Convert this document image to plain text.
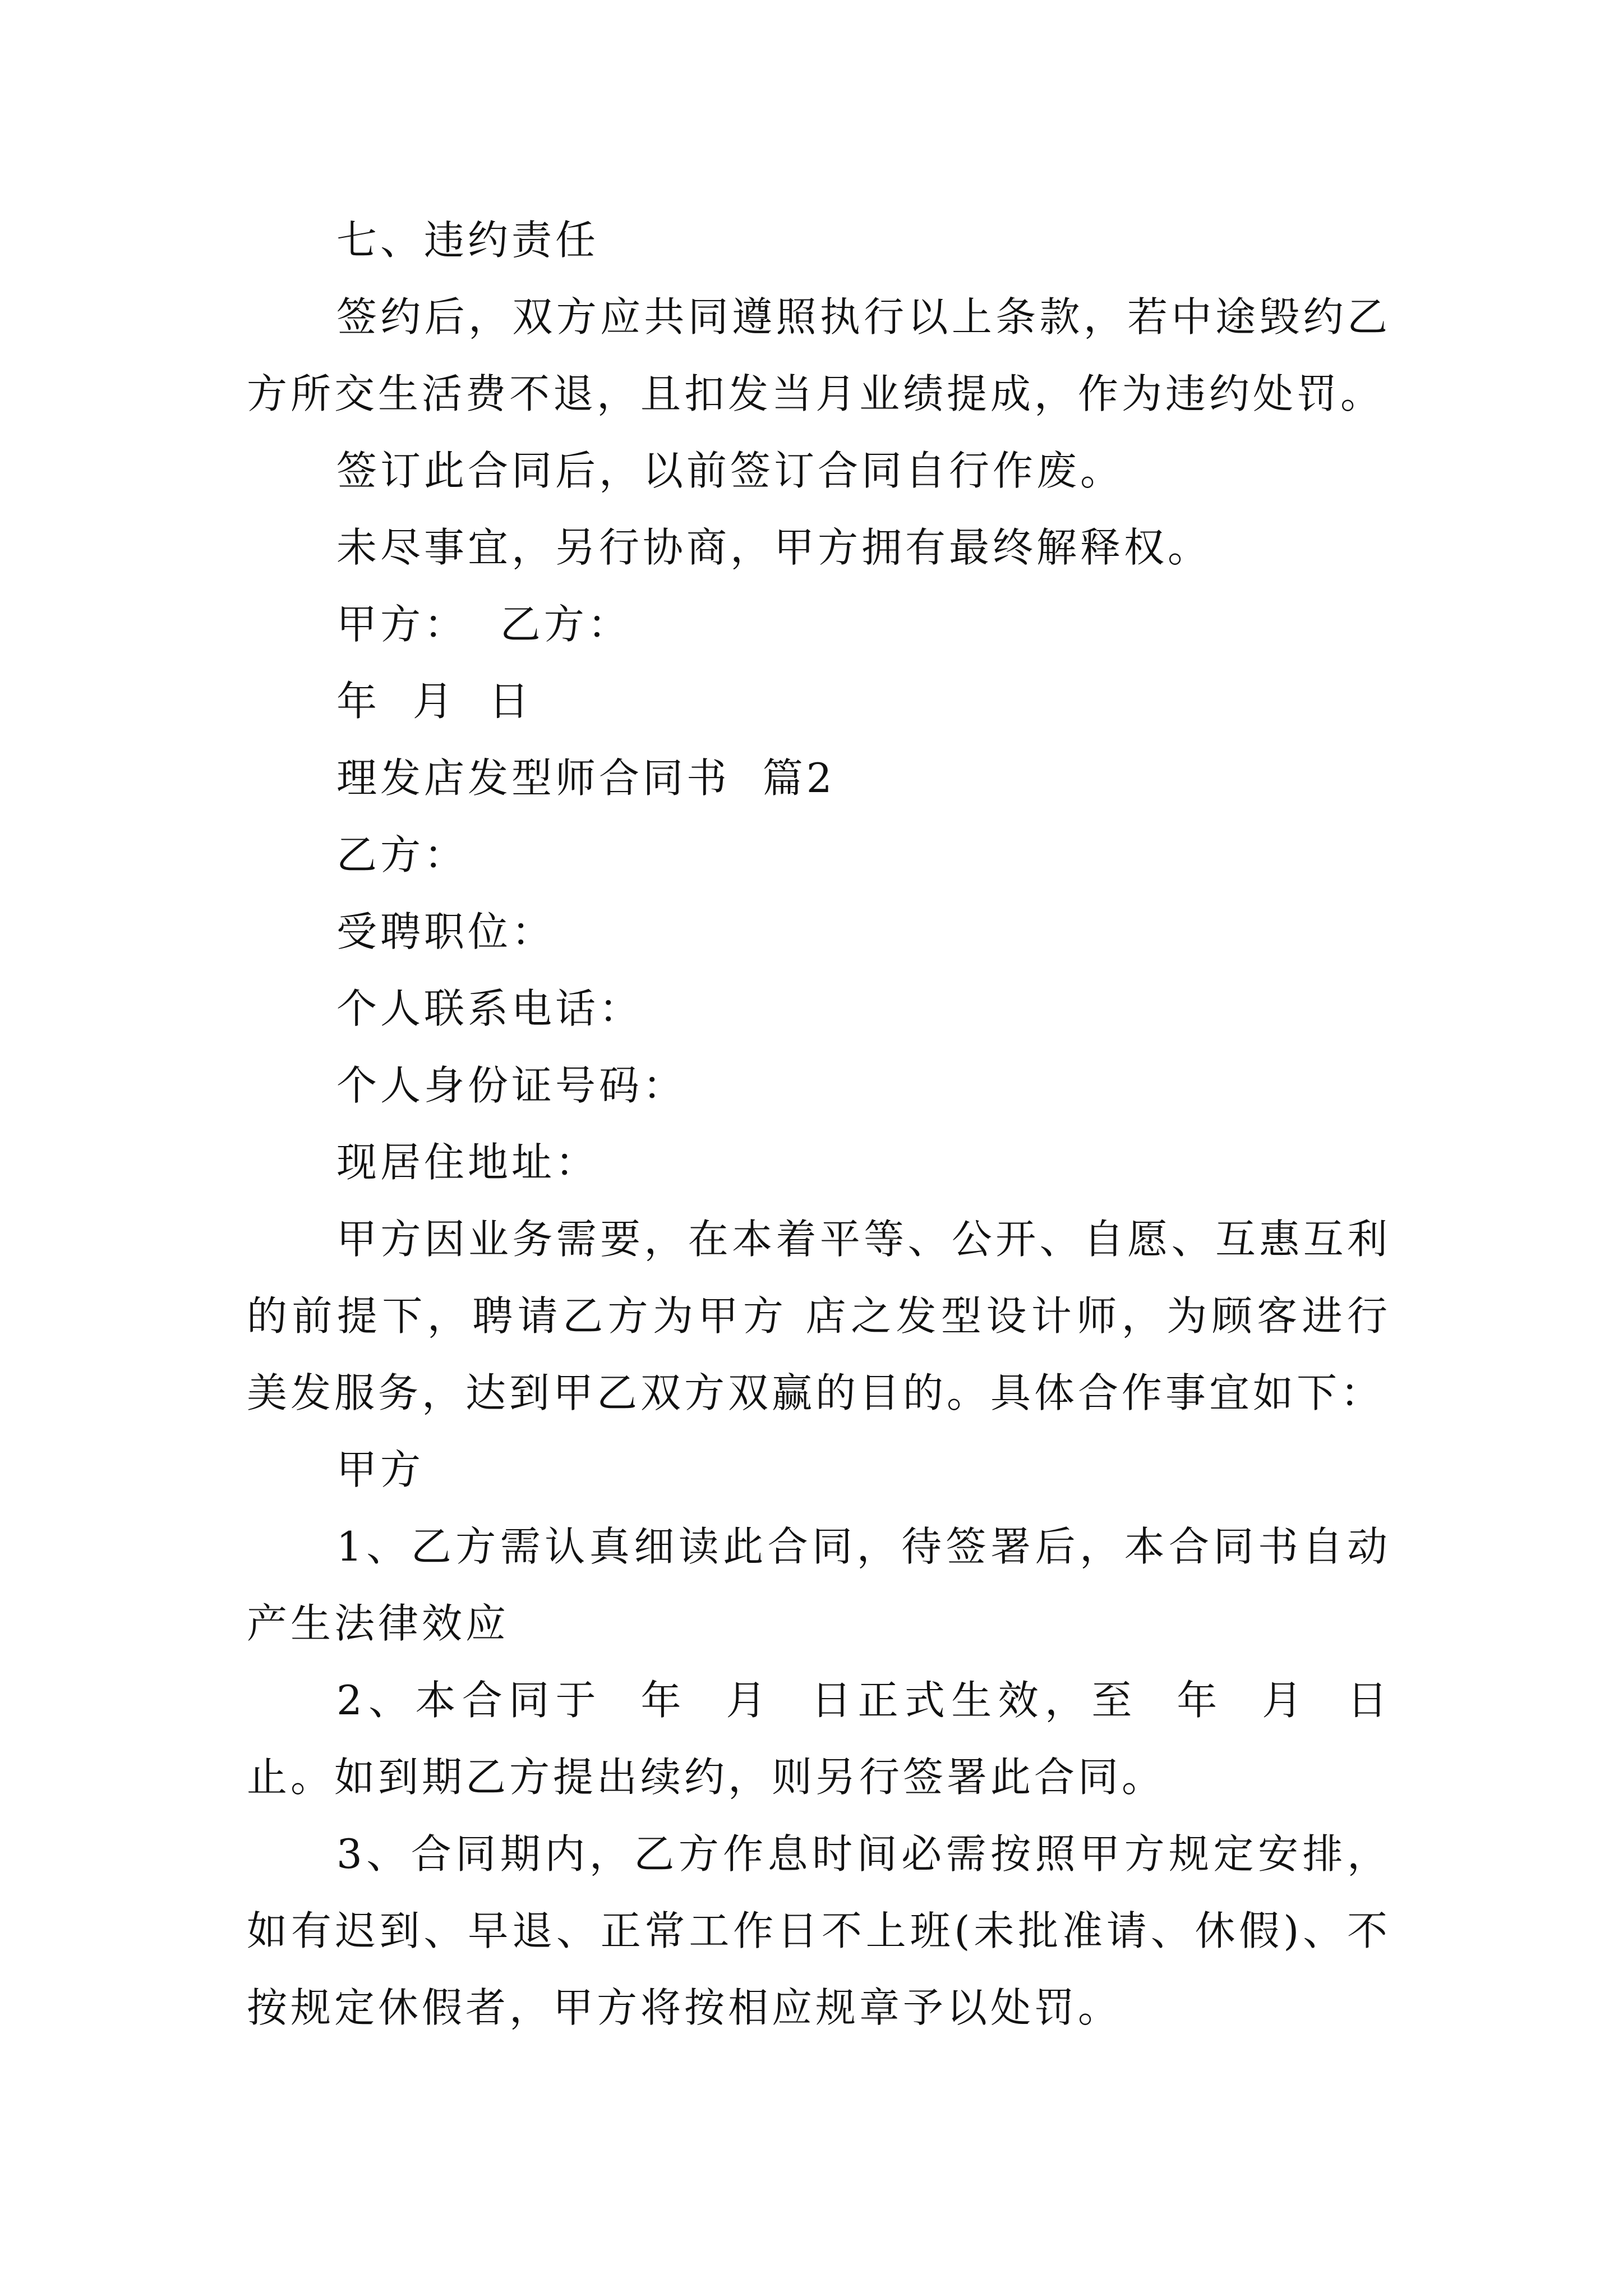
七、违约责任

签约后，双方应共同遵照执行以上条款，若中途毁约乙方所交生活费不退，且扣发当月业绩提成，作为违约处罚。

签订此合同后，以前签订合同自行作废。

未尽事宜，另行协商，甲方拥有最终解释权。

甲方：  乙方：

年  月  日

理发店发型师合同书  篇2

乙方：

受聘职位：

个人联系电话：

个人身份证号码：

现居住地址：

甲方因业务需要，在本着平等、公开、自愿、互惠互利的前提下，聘请乙方为甲方 店之发型设计师，为顾客进行美发服务，达到甲乙双方双赢的目的。具体合作事宜如下：

甲方

1、乙方需认真细读此合同，待签署后，本合同书自动产生法律效应

2、本合同于  年  月  日正式生效，至  年  月  日止。如到期乙方提出续约，则另行签署此合同。

3、合同期内，乙方作息时间必需按照甲方规定安排，如有迟到、早退、正常工作日不上班(未批准请、休假)、不按规定休假者，甲方将按相应规章予以处罚。
